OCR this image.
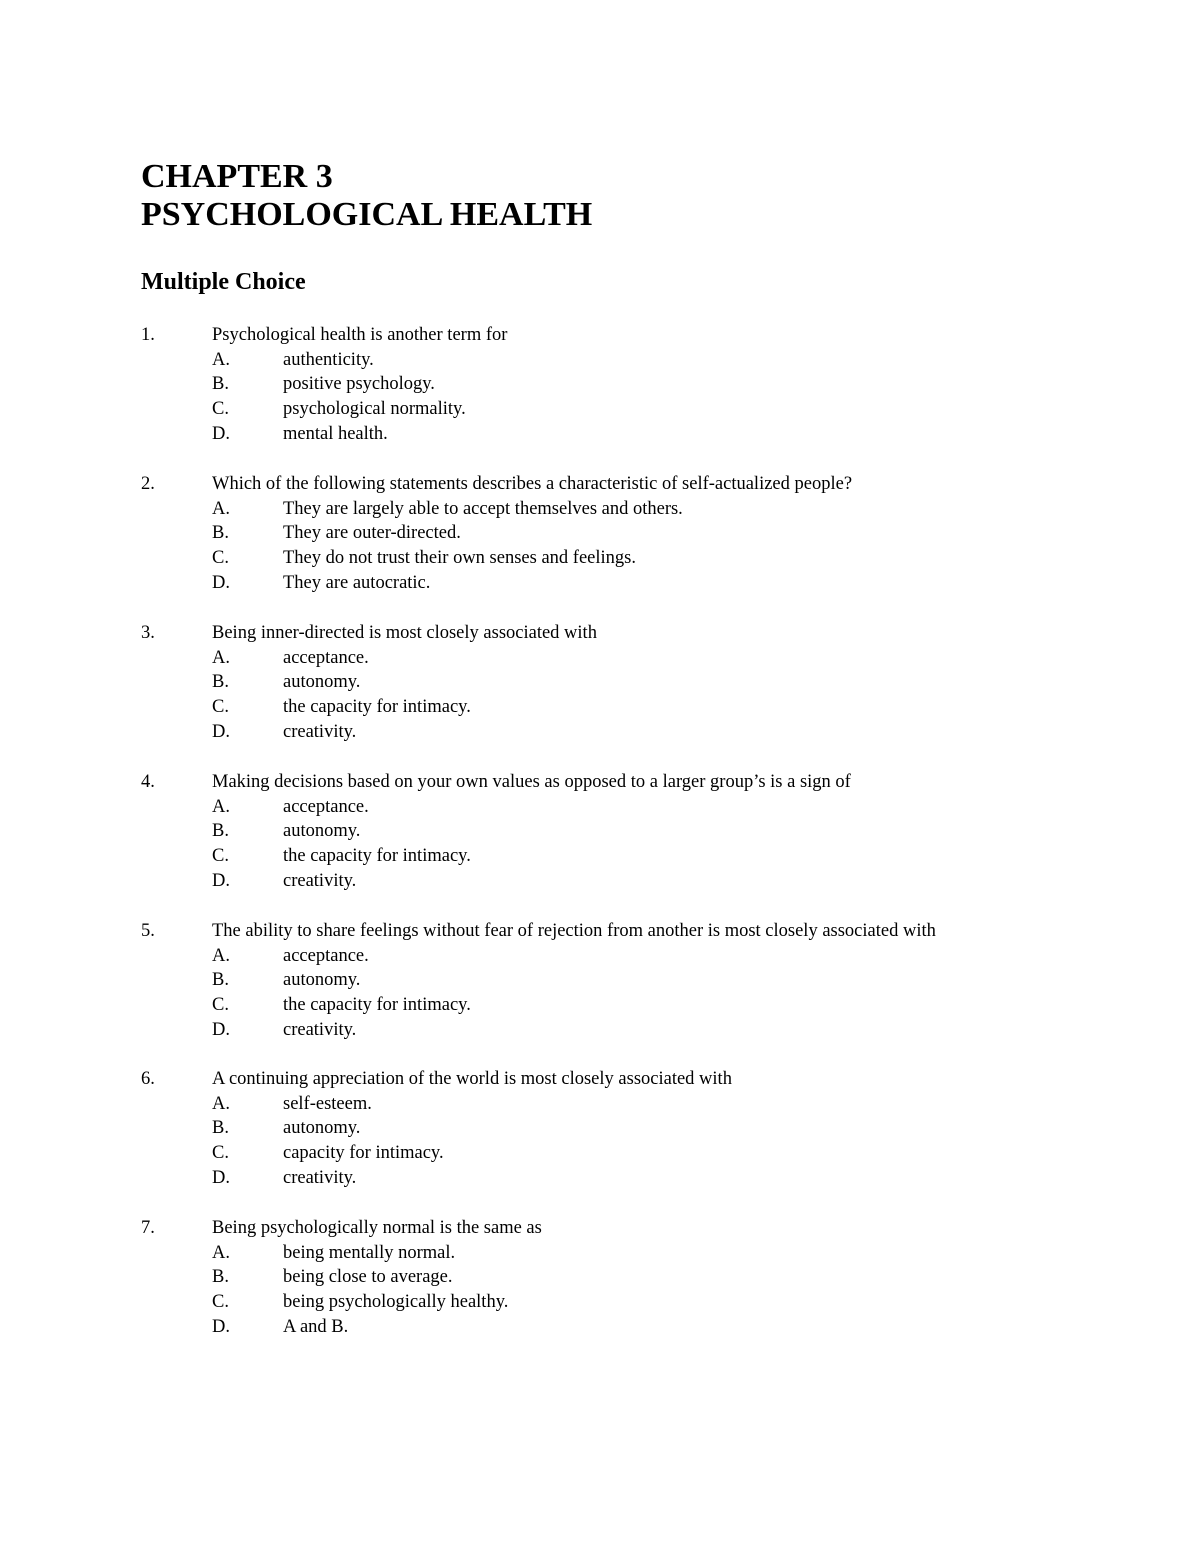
CHAPTER 3
PSYCHOLOGICAL HEALTH
Multiple Choice
1.	Psychological health is another term for
A.	authenticity.
B.	positive psychology.
C.	psychological normality.
D.	mental health.
2.	Which of the following statements describes a characteristic of self-actualized people?
A.	They are largely able to accept themselves and others.
B.	They are outer-directed.
C.	They do not trust their own senses and feelings.
D.	They are autocratic.
3.	Being inner-directed is most closely associated with
A.	acceptance.
B.	autonomy.
C.	the capacity for intimacy.
D.	creativity.
4.	Making decisions based on your own values as opposed to a larger group’s is a sign of
A.	acceptance.
B.	autonomy.
C.	the capacity for intimacy.
D.	creativity.
5.	The ability to share feelings without fear of rejection from another is most closely associated with
A.	acceptance.
B.	autonomy.
C.	the capacity for intimacy.
D.	creativity.
6.	A continuing appreciation of the world is most closely associated with
A.	self-esteem.
B.	autonomy.
C.	capacity for intimacy.
D.	creativity.
7.	Being psychologically normal is the same as
A.	being mentally normal.
B.	being close to average.
C.	being psychologically healthy.
D.	A and B.
